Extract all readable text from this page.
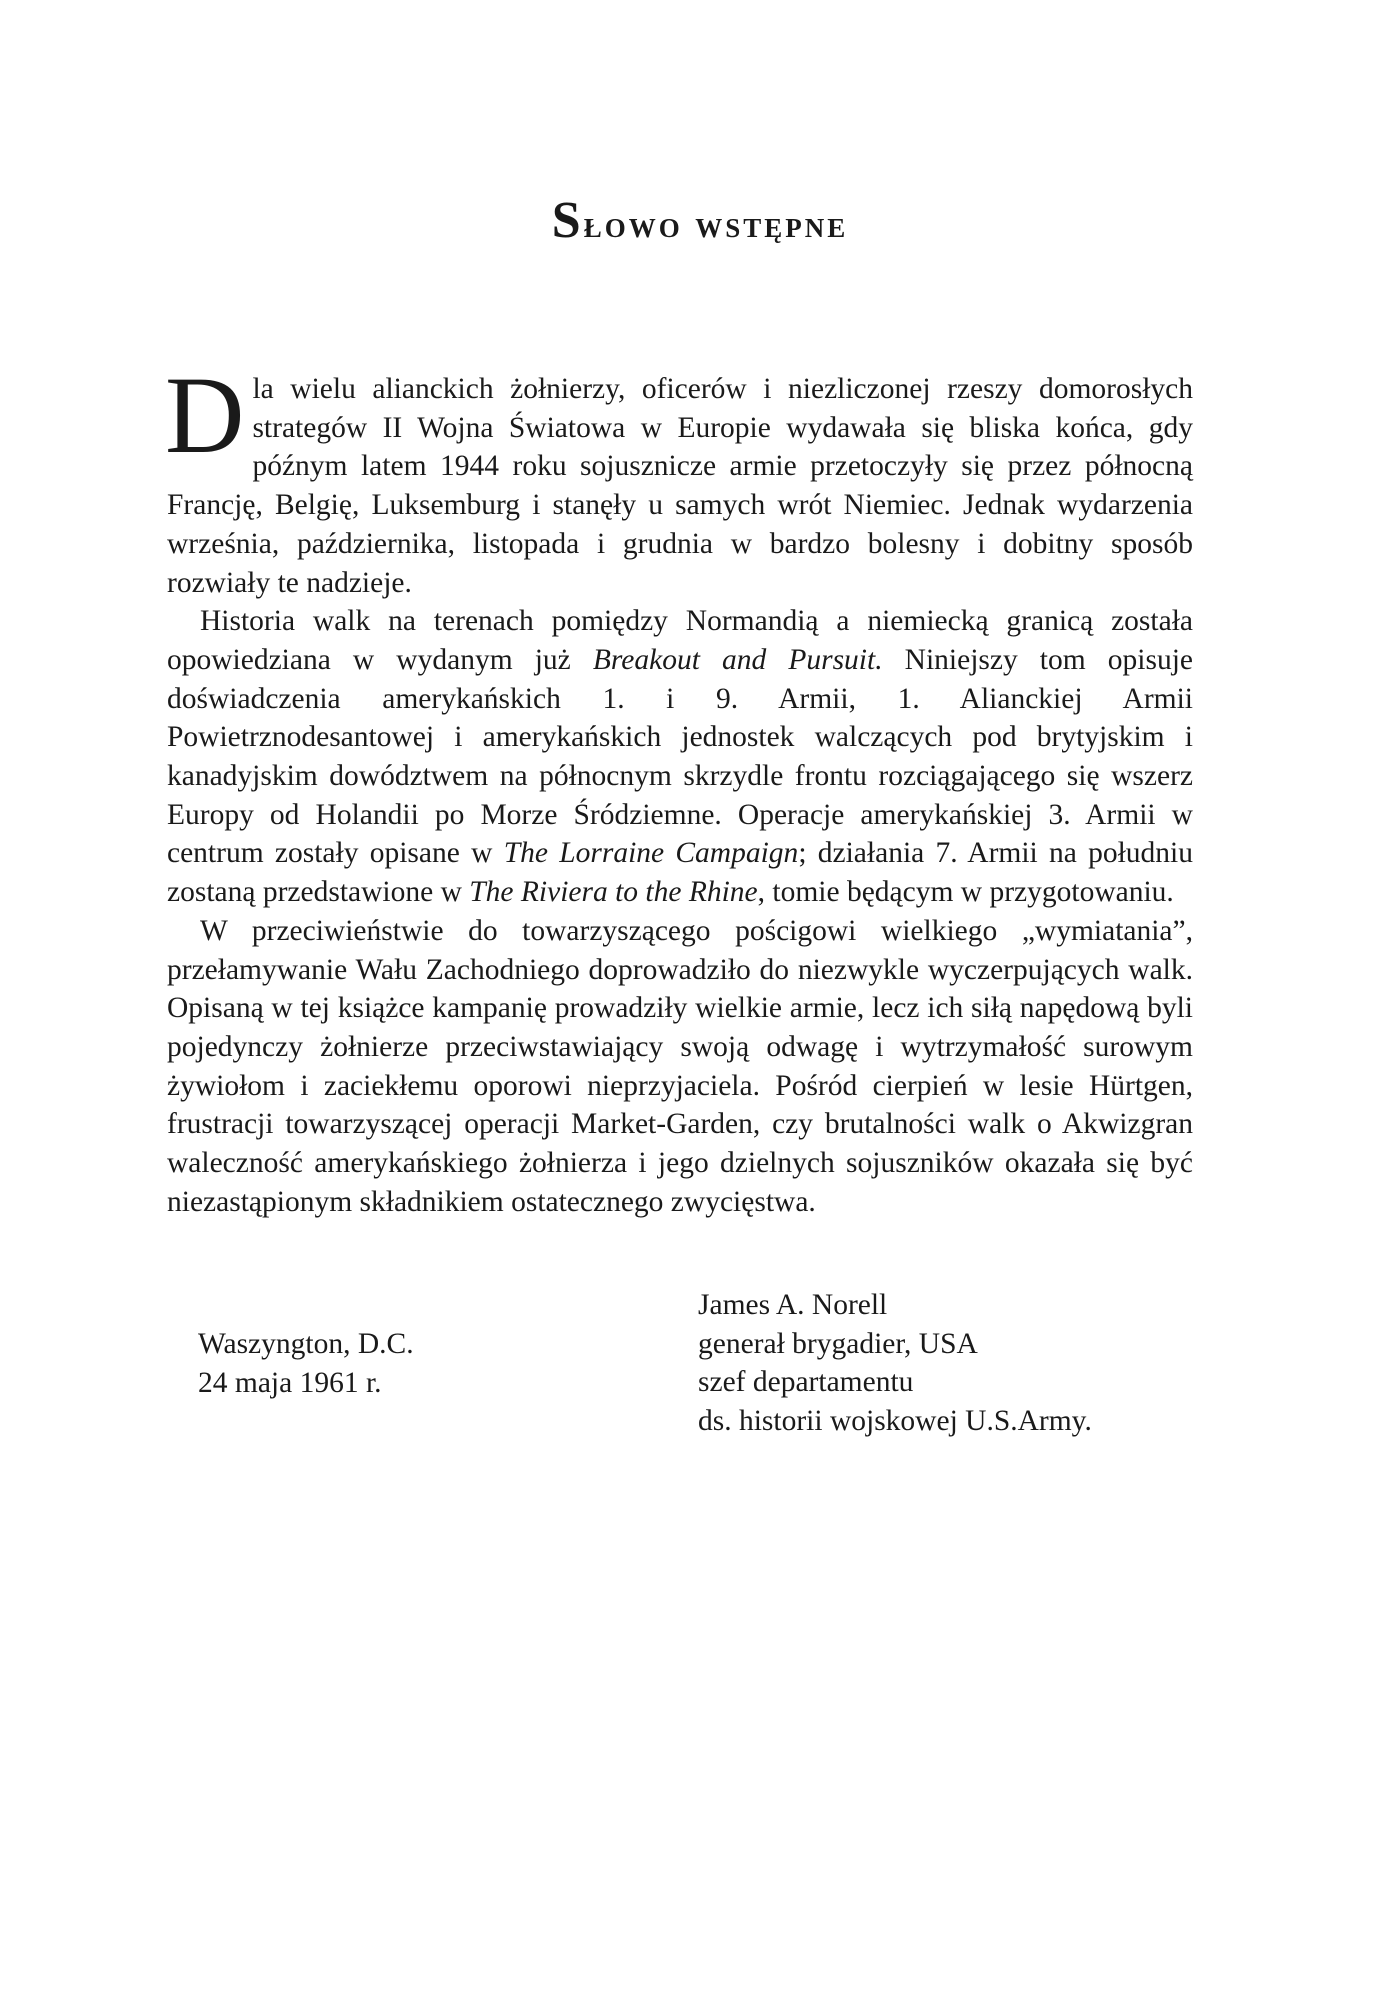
Słowo wstępne

Dla wielu alianckich żołnierzy, oficerów i niezliczonej rzeszy domorosłych strategów II Wojna Światowa w Europie wydawała się bliska końca, gdy późnym latem 1944 roku sojusznicze armie przetoczyły się przez północną Francję, Belgię, Luksemburg i stanęły u samych wrót Niemiec. Jednak wydarzenia września, października, listopada i grudnia w bardzo bolesny i dobitny sposób rozwiały te nadzieje.

Historia walk na terenach pomiędzy Normandią a niemiecką granicą została opowiedziana w wydanym już Breakout and Pursuit. Niniejszy tom opisuje doświadczenia amerykańskich 1. i 9. Armii, 1. Alianckiej Armii Powietrznodesantowej i amerykańskich jednostek walczących pod brytyjskim i kanadyjskim dowództwem na północnym skrzydle frontu rozciągającego się wszerz Europy od Holandii po Morze Śródziemne. Operacje amerykańskiej 3. Armii w centrum zostały opisane w The Lorraine Campaign; działania 7. Armii na południu zostaną przedstawione w The Riviera to the Rhine, tomie będącym w przygotowaniu.

W przeciwieństwie do towarzyszącego pościgowi wielkiego „wymiatania”, przełamywanie Wału Zachodniego doprowadziło do niezwykle wyczerpujących walk. Opisaną w tej książce kampanię prowadziły wielkie armie, lecz ich siłą napędową byli pojedynczy żołnierze przeciwstawiający swoją odwagę i wytrzymałość surowym żywiołom i zaciekłemu oporowi nieprzyjaciela. Pośród cierpień w lesie Hürtgen, frustracji towarzyszącej operacji Market-Garden, czy brutalności walk o Akwizgran waleczność amerykańskiego żołnierza i jego dzielnych sojuszników okazała się być niezastąpionym składnikiem ostatecznego zwycięstwa.

Waszyngton, D.C.
24 maja 1961 r.
James A. Norell
generał brygadier, USA
szef departamentu
ds. historii wojskowej U.S.Army.
